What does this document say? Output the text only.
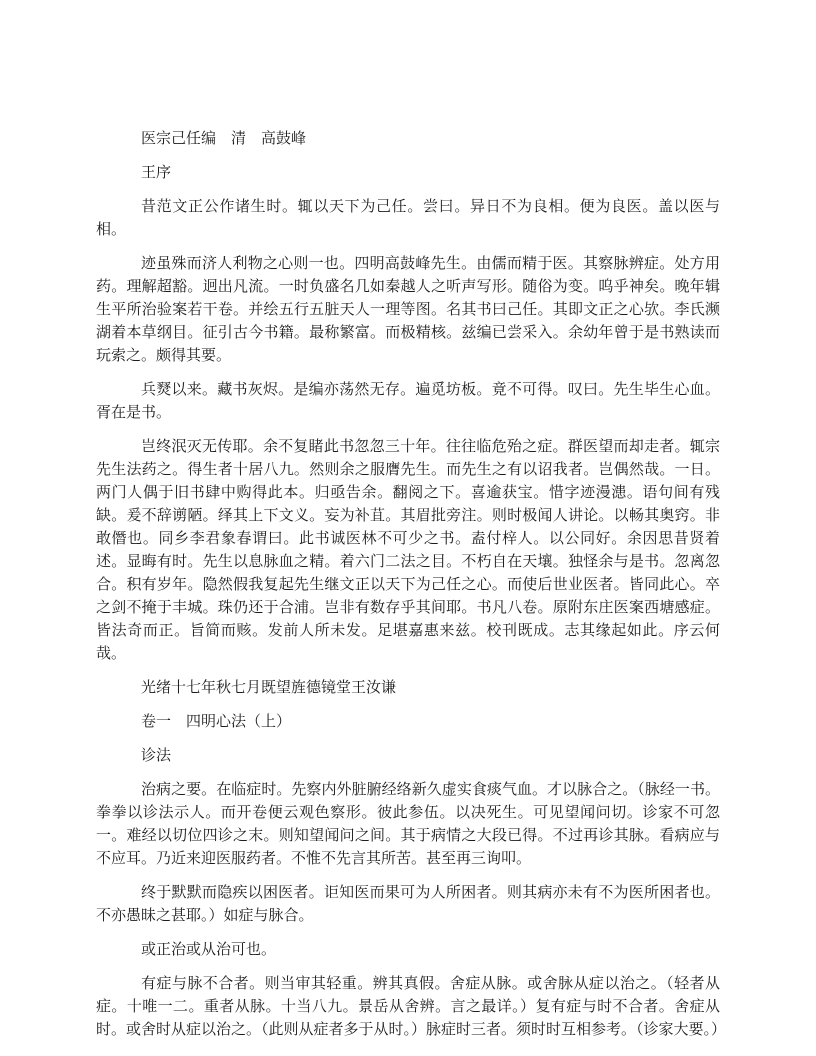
医宗己任编　清　高鼓峰

王序

昔范文正公作诸生时。辄以天下为己任。尝曰。异日不为良相。便为良医。盖以医与相。

迹虽殊而济人利物之心则一也。四明高鼓峰先生。由儒而精于医。其察脉辨症。处方用药。理解超豁。迥出凡流。一时负盛名几如秦越人之听声写形。随俗为变。呜乎神矣。晚年辑生平所治验案若干卷。并绘五行五脏天人一理等图。名其书曰己任。其即文正之心欤。李氏濒湖着本草纲目。征引古今书籍。最称繁富。而极精核。兹编已尝采入。余幼年曾于是书熟读而玩索之。颇得其要。

兵燹以来。藏书灰烬。是编亦荡然无存。遍觅坊板。竟不可得。叹曰。先生毕生心血。胥在是书。

岂终泯灭无传耶。余不复睹此书忽忽三十年。往往临危殆之症。群医望而却走者。辄宗先生法药之。得生者十居八九。然则余之服膺先生。而先生之有以诏我者。岂偶然哉。一日。两门人偶于旧书肆中购得此本。归亟告余。翻阅之下。喜逾获宝。惜字迹漫漶。语句间有残缺。爰不辞谫陋。绎其上下文义。妄为补苴。其眉批旁注。则时极闻人讲论。以畅其奥窍。非敢僭也。同乡李君象春谓曰。此书诚医林不可少之书。盍付梓人。以公同好。余因思昔贤着述。显晦有时。先生以息脉血之精。着六门二法之目。不朽自在天壤。独怪余与是书。忽离忽合。积有岁年。隐然假我复起先生继文正以天下为己任之心。而使后世业医者。皆同此心。卒之剑不掩于丰城。珠仍还于合浦。岂非有数存乎其间耶。书凡八卷。原附东庄医案西塘感症。皆法奇而正。旨简而赅。发前人所未发。足堪嘉惠来兹。校刊既成。志其缘起如此。序云何哉。

光绪十七年秋七月既望旌德镜堂王汝谦

卷一　四明心法（上）

诊法

治病之要。在临症时。先察内外脏腑经络新久虚实食痰气血。才以脉合之。（脉经一书。拳拳以诊法示人。而开卷便云观色察形。彼此参伍。以决死生。可见望闻问切。诊家不可忽一。难经以切位四诊之末。则知望闻问之间。其于病情之大段已得。不过再诊其脉。看病应与不应耳。乃近来迎医服药者。不惟不先言其所苦。甚至再三询叩。

终于默默而隐疾以困医者。讵知医而果可为人所困者。则其病亦未有不为医所困者也。不亦愚昧之甚耶。）如症与脉合。

或正治或从治可也。

有症与脉不合者。则当审其轻重。辨其真假。舍症从脉。或舍脉从症以治之。（轻者从症。十唯一二。重者从脉。十当八九。景岳从舍辨。言之最详。）复有症与时不合者。舍症从时。或舍时从症以治之。（此则从症者多于从时。）脉症时三者。须时时互相参考。（诊家大要。）
